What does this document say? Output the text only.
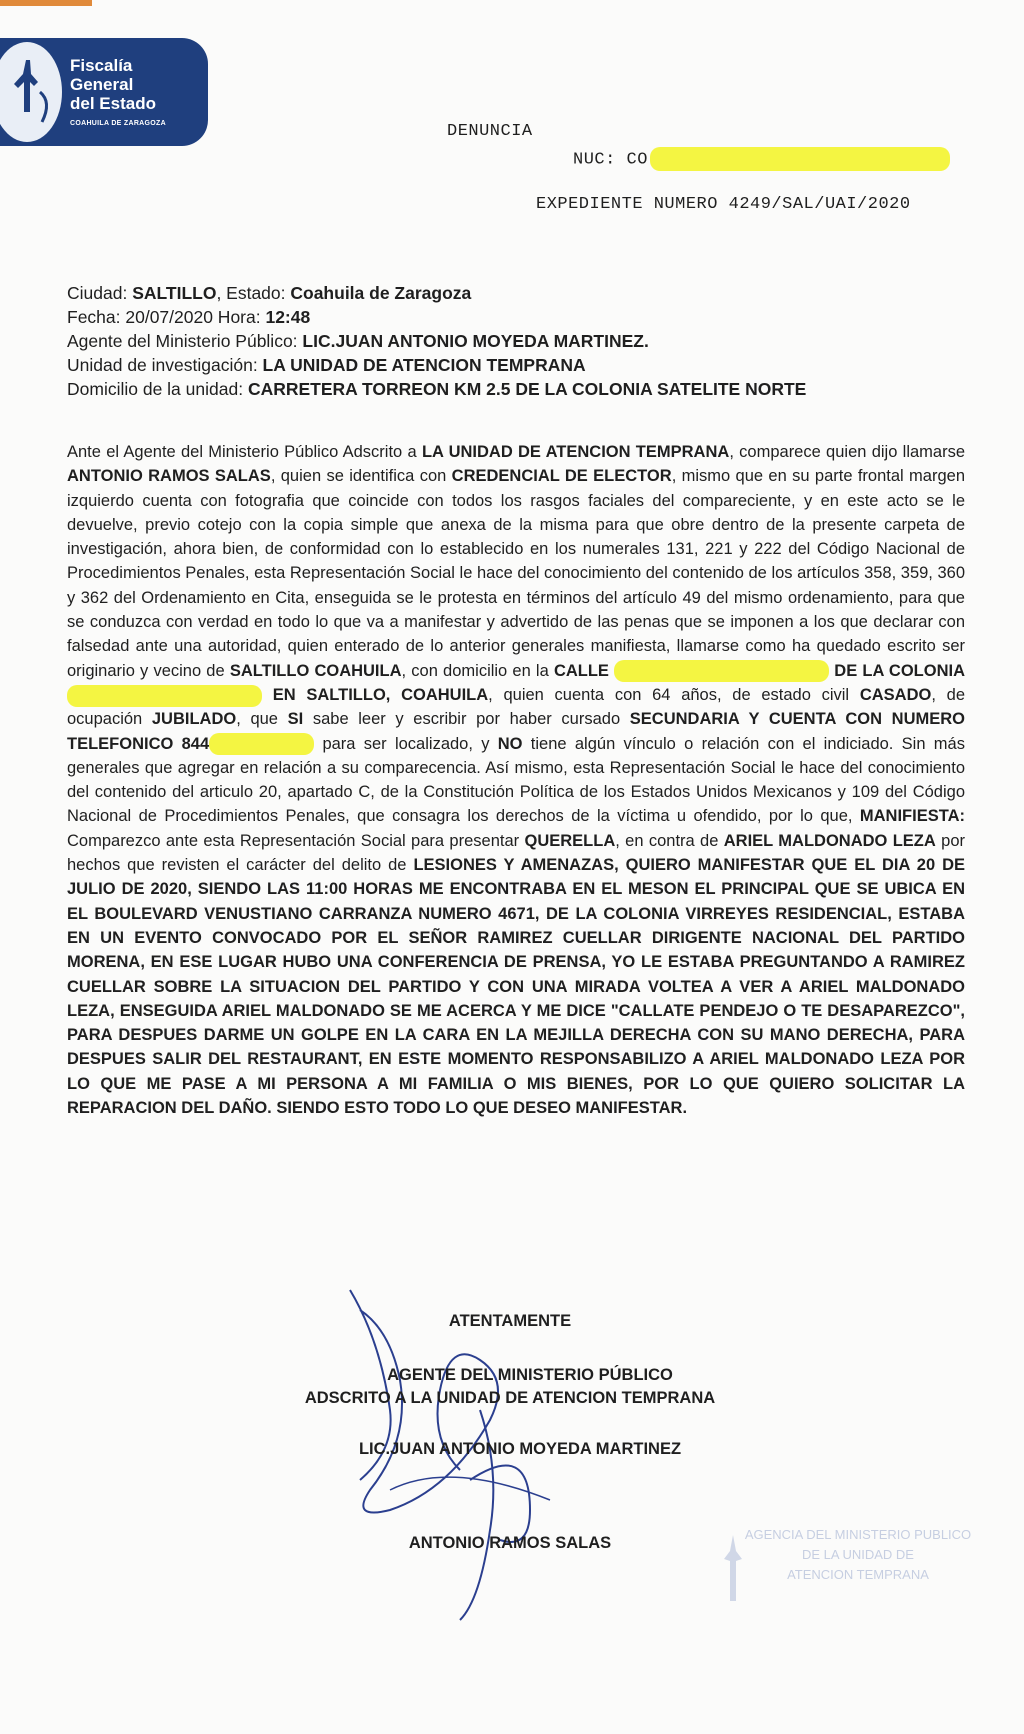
Fiscalía
General
del Estado
COAHUILA DE ZARAGOZA	DENUNCIA
NUC: CO
EXPEDIENTE NUMERO 4249/SAL/UAI/2020
Ciudad: SALTILLO, Estado: Coahuila de Zaragoza
Fecha: 20/07/2020 Hora: 12:48
Agente del Ministerio Público: LIC.JUAN ANTONIO MOYEDA MARTINEZ.
Unidad de investigación: LA UNIDAD DE ATENCION TEMPRANA
Domicilio de la unidad: CARRETERA TORREON KM 2.5 DE LA COLONIA SATELITE NORTE

Ante el Agente del Ministerio Público Adscrito a LA UNIDAD DE ATENCION TEMPRANA, comparece quien dijo llamarse ANTONIO RAMOS SALAS, quien se identifica con CREDENCIAL DE ELECTOR, mismo que en su parte frontal margen izquierdo cuenta con fotografia que coincide con todos los rasgos faciales del compareciente, y en este acto se le devuelve, previo cotejo con la copia simple que anexa de la misma para que obre dentro de la presente carpeta de investigación, ahora bien, de conformidad con lo establecido en los numerales 131, 221 y 222 del Código Nacional de Procedimientos Penales, esta Representación Social le hace del conocimiento del contenido de los artículos 358, 359, 360 y 362 del Ordenamiento en Cita, enseguida se le protesta en términos del artículo 49 del mismo ordenamiento, para que se conduzca con verdad en todo lo que va a manifestar y advertido de las penas que se imponen a los que declarar con falsedad ante una autoridad, quien enterado de lo anterior generales manifiesta, llamarse como ha quedado escrito ser originario y vecino de SALTILLO COAHUILA, con domicilio en la CALLE	DE LA COLONIA  EN SALTILLO, COAHUILA, quien cuenta con 64 años, de estado civil CASADO, de ocupación JUBILADO, que SI sabe leer y escribir por haber cursado SECUNDARIA Y CUENTA CON NUMERO TELEFONICO 844	para ser localizado, y NO tiene algún vínculo o relación con el indiciado. Sin más generales que agregar en relación a su comparecencia. Así mismo, esta Representación Social le hace del conocimiento del contenido del articulo 20, apartado C, de la Constitución Política de los Estados Unidos Mexicanos y 109 del Código Nacional de Procedimientos Penales, que consagra los derechos de la víctima u ofendido, por lo que, MANIFIESTA: Comparezco ante esta Representación Social para presentar QUERELLA, en contra de ARIEL MALDONADO LEZA por hechos que revisten el carácter del delito de LESIONES Y AMENAZAS, QUIERO MANIFESTAR QUE EL DIA 20 DE JULIO DE 2020, SIENDO LAS 11:00 HORAS ME ENCONTRABA EN EL MESON EL PRINCIPAL QUE SE UBICA EN EL BOULEVARD VENUSTIANO CARRANZA NUMERO 4671, DE LA COLONIA VIRREYES RESIDENCIAL, ESTABA EN UN EVENTO CONVOCADO POR EL SEÑOR RAMIREZ CUELLAR DIRIGENTE NACIONAL DEL PARTIDO MORENA, EN ESE LUGAR HUBO UNA CONFERENCIA DE PRENSA, YO LE ESTABA PREGUNTANDO A RAMIREZ CUELLAR SOBRE LA SITUACION DEL PARTIDO Y CON UNA MIRADA VOLTEA A VER A ARIEL MALDONADO LEZA, ENSEGUIDA ARIEL MALDONADO SE ME ACERCA Y ME DICE "CALLATE PENDEJO O TE DESAPAREZCO", PARA DESPUES DARME UN GOLPE EN LA CARA EN LA MEJILLA DERECHA CON SU MANO DERECHA, PARA DESPUES SALIR DEL RESTAURANT, EN ESTE MOMENTO RESPONSABILIZO A ARIEL MALDONADO LEZA POR LO QUE ME PASE A MI PERSONA A MI FAMILIA O MIS BIENES, POR LO QUE QUIERO SOLICITAR LA REPARACION DEL DAÑO. SIENDO ESTO TODO LO QUE DESEO MANIFESTAR.

ATENTAMENTE
AGENTE DEL MINISTERIO PÚBLICO
ADSCRITO A LA UNIDAD DE ATENCION TEMPRANA
LIC.JUAN ANTONIO MOYEDA MARTINEZ
ANTONIO RAMOS SALAS	AGENCIA DEL MINISTERIO PUBLICO
DE LA UNIDAD DE
ATENCION TEMPRANA
